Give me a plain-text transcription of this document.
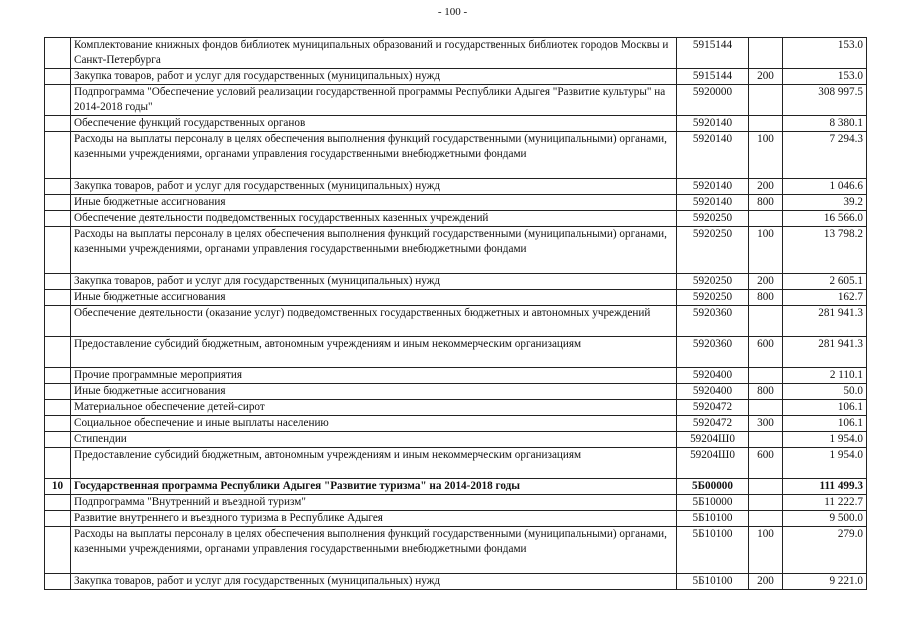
- 100 -
	Комплектование книжных фондов библиотек муниципальных образований и государственных библиотек городов Москвы и Санкт-Петербурга	5915144		153.0
	Закупка товаров, работ и услуг для государственных (муниципальных) нужд	5915144	200	153.0
	Подпрограмма "Обеспечение условий реализации государственной программы Республики Адыгея "Развитие культуры" на 2014-2018 годы"	5920000		308 997.5
	Обеспечение функций государственных органов	5920140		8 380.1
	Расходы на выплаты персоналу в целях обеспечения выполнения функций государственными (муниципальными) органами, казенными учреждениями, органами управления государственными внебюджетными фондами	5920140	100	7 294.3
	Закупка товаров, работ и услуг для государственных (муниципальных) нужд	5920140	200	1 046.6
	Иные бюджетные ассигнования	5920140	800	39.2
	Обеспечение деятельности подведомственных государственных казенных учреждений	5920250		16 566.0
	Расходы на выплаты персоналу в целях обеспечения выполнения функций государственными (муниципальными) органами, казенными учреждениями, органами управления государственными внебюджетными фондами	5920250	100	13 798.2
	Закупка товаров, работ и услуг для государственных (муниципальных) нужд	5920250	200	2 605.1
	Иные бюджетные ассигнования	5920250	800	162.7
	Обеспечение деятельности (оказание услуг) подведомственных государственных бюджетных и автономных учреждений	5920360		281 941.3
	Предоставление субсидий бюджетным, автономным учреждениям и иным некоммерческим организациям	5920360	600	281 941.3
	Прочие программные мероприятия	5920400		2 110.1
	Иные бюджетные ассигнования	5920400	800	50.0
	Материальное обеспечение детей-сирот	5920472		106.1
	Социальное обеспечение и иные выплаты населению	5920472	300	106.1
	Стипендии	59204Ш0		1 954.0
	Предоставление субсидий бюджетным, автономным учреждениям и иным некоммерческим организациям	59204Ш0	600	1 954.0
10	Государственная программа Республики Адыгея "Развитие туризма" на 2014-2018 годы	5Б00000		111 499.3
	Подпрограмма "Внутренний и въездной туризм"	5Б10000		11 222.7
	Развитие внутреннего и въездного туризма в Республике Адыгея	5Б10100		9 500.0
	Расходы на выплаты персоналу в целях обеспечения выполнения функций государственными (муниципальными) органами, казенными учреждениями, органами управления государственными внебюджетными фондами	5Б10100	100	279.0
	Закупка товаров, работ и услуг для государственных (муниципальных) нужд	5Б10100	200	9 221.0
